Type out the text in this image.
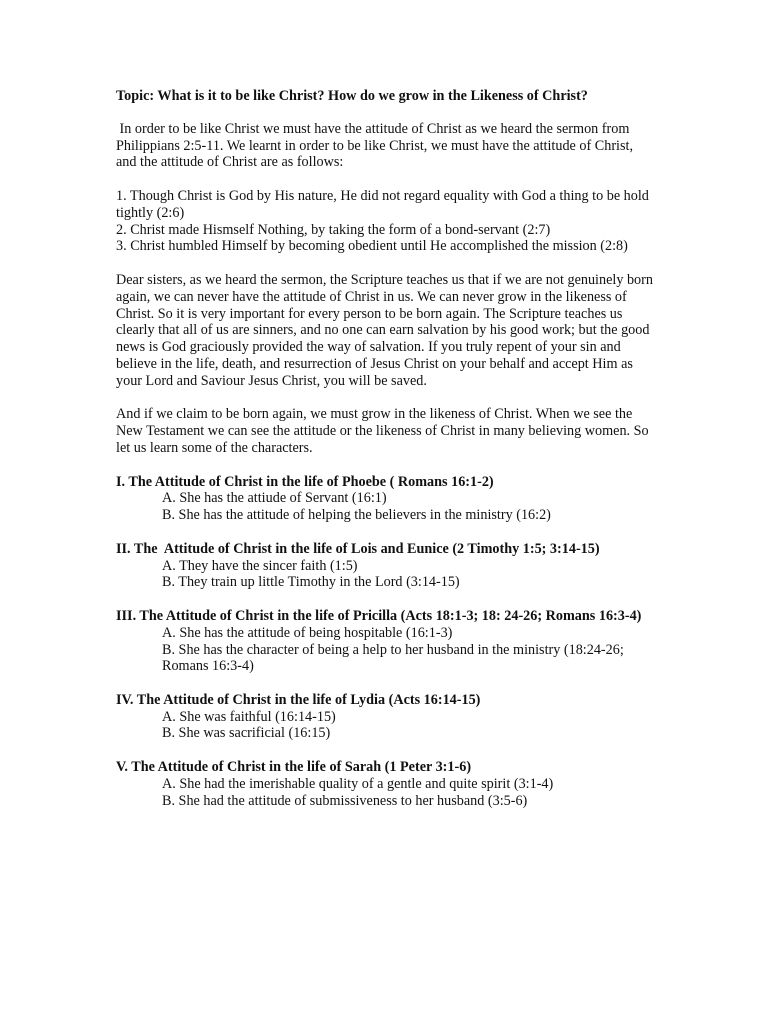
Topic: What is it to be like Christ? How do we grow in the Likeness of Christ?

In order to be like Christ we must have the attitude of Christ as we heard the sermon from Philippians 2:5-11. We learnt in order to be like Christ, we must have the attitude of Christ, and the attitude of Christ are as follows:

1. Though Christ is God by His nature, He did not regard equality with God a thing to be hold tightly (2:6)
2. Christ made Hismself Nothing, by taking the form of a bond-servant (2:7)
3. Christ humbled Himself by becoming obedient until He accomplished the mission (2:8)

Dear sisters, as we heard the sermon, the Scripture teaches us that if we are not genuinely born again, we can never have the attitude of Christ in us. We can never grow in the likeness of Christ. So it is very important for every person to be born again. The Scripture teaches us clearly that all of us are sinners, and no one can earn salvation by his good work; but the good news is God graciously provided the way of salvation. If you truly repent of your sin and believe in the life, death, and resurrection of Jesus Christ on your behalf and accept Him as your Lord and Saviour Jesus Christ, you will be saved.

And if we claim to be born again, we must grow in the likeness of Christ. When we see the New Testament we can see the attitude or the likeness of Christ in many believing women. So let us learn some of the characters.

I. The Attitude of Christ in the life of Phoebe ( Romans 16:1-2)
A. She has the attiude of Servant (16:1)
B. She has the attitude of helping the believers in the ministry (16:2)
II. The  Attitude of Christ in the life of Lois and Eunice (2 Timothy 1:5; 3:14-15)
A. They have the sincer faith (1:5)
B. They train up little Timothy in the Lord (3:14-15)
III. The Attitude of Christ in the life of Pricilla (Acts 18:1-3; 18: 24-26; Romans 16:3-4)
A. She has the attitude of being hospitable (16:1-3)
B. She has the character of being a help to her husband in the ministry (18:24-26; Romans 16:3-4)
IV. The Attitude of Christ in the life of Lydia (Acts 16:14-15)
A. She was faithful (16:14-15)
B. She was sacrificial (16:15)
V. The Attitude of Christ in the life of Sarah (1 Peter 3:1-6)
A. She had the imerishable quality of a gentle and quite spirit (3:1-4)
B. She had the attitude of submissiveness to her husband (3:5-6)
